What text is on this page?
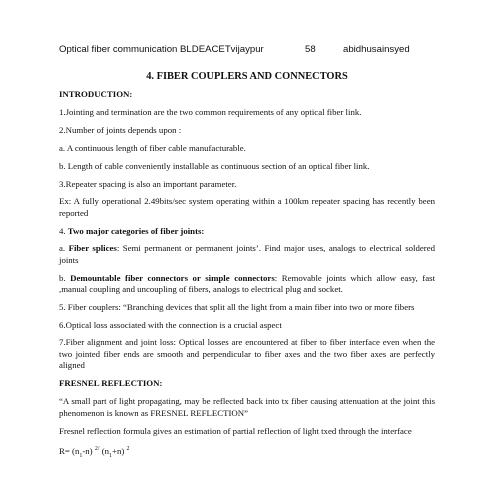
Optical fiber communication BLDEACETvijaypur	58	abidhusainsyed
4. FIBER COUPLERS AND CONNECTORS
INTRODUCTION:
1.Jointing and termination are the two common requirements of any optical fiber link.
2.Number of joints depends upon :
a. A continuous length of fiber cable manufacturable.
b. Length of cable conveniently installable as continuous section of an optical fiber link.
3.Repeater spacing is also an important parameter.
Ex: A fully operational 2.49bits/sec system operating within a 100km repeater spacing has recently been reported
4. Two major categories of fiber joints:
a. Fiber splices: Semi permanent or permanent joints’. Find major uses, analogs to electrical soldered joints
b. Demountable fiber connectors or simple connectors: Removable joints which allow easy, fast ,manual coupling and uncoupling of fibers, analogs to electrical plug and socket.
5. Fiber couplers: “Branching devices that split all the light from a main fiber into two or more fibers
6.Optical loss associated with the connection is a crucial aspect
7.Fiber alignment and joint loss: Optical losses are encountered at fiber to fiber interface even when the two jointed fiber ends are smooth and perpendicular to fiber axes and the two fiber axes are perfectly aligned
FRESNEL REFLECTION:
“A small part of light propagating, may be reflected back into tx fiber causing attenuation at the joint this phenomenon is known as FRESNEL REFLECTION”
Fresnel reflection formula gives an estimation of partial reflection of light txed through the interface
$R= (n_1-n)$ $^{2/}$ $(n_1+n)$ $^2$
